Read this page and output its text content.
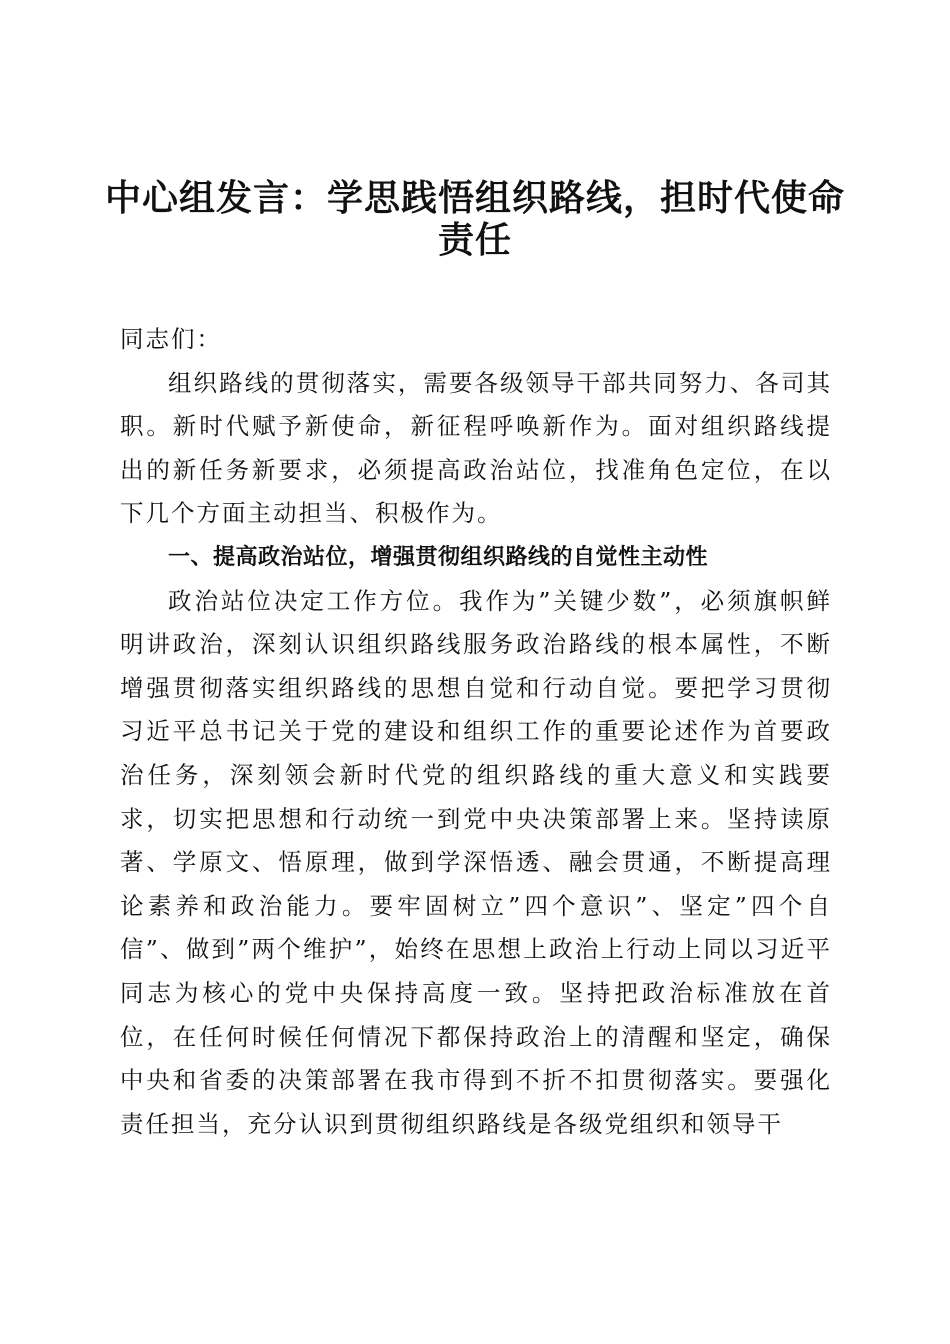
中心组发言：学思践悟组织路线，担时代使命责任

同志们：

组织路线的贯彻落实，需要各级领导干部共同努力、各司其职。新时代赋予新使命，新征程呼唤新作为。面对组织路线提出的新任务新要求，必须提高政治站位，找准角色定位，在以下几个方面主动担当、积极作为。

一、提高政治站位，增强贯彻组织路线的自觉性主动性

政治站位决定工作方位。我作为”关键少数”，必须旗帜鲜明讲政治，深刻认识组织路线服务政治路线的根本属性，不断增强贯彻落实组织路线的思想自觉和行动自觉。要把学习贯彻习近平总书记关于党的建设和组织工作的重要论述作为首要政治任务，深刻领会新时代党的组织路线的重大意义和实践要求，切实把思想和行动统一到党中央决策部署上来。坚持读原著、学原文、悟原理，做到学深悟透、融会贯通，不断提高理论素养和政治能力。要牢固树立”四个意识”、坚定”四个自信”、做到”两个维护”，始终在思想上政治上行动上同以习近平同志为核心的党中央保持高度一致。坚持把政治标准放在首位，在任何时候任何情况下都保持政治上的清醒和坚定，确保中央和省委的决策部署在我市得到不折不扣贯彻落实。要强化责任担当，充分认识到贯彻组织路线是各级党组织和领导干
